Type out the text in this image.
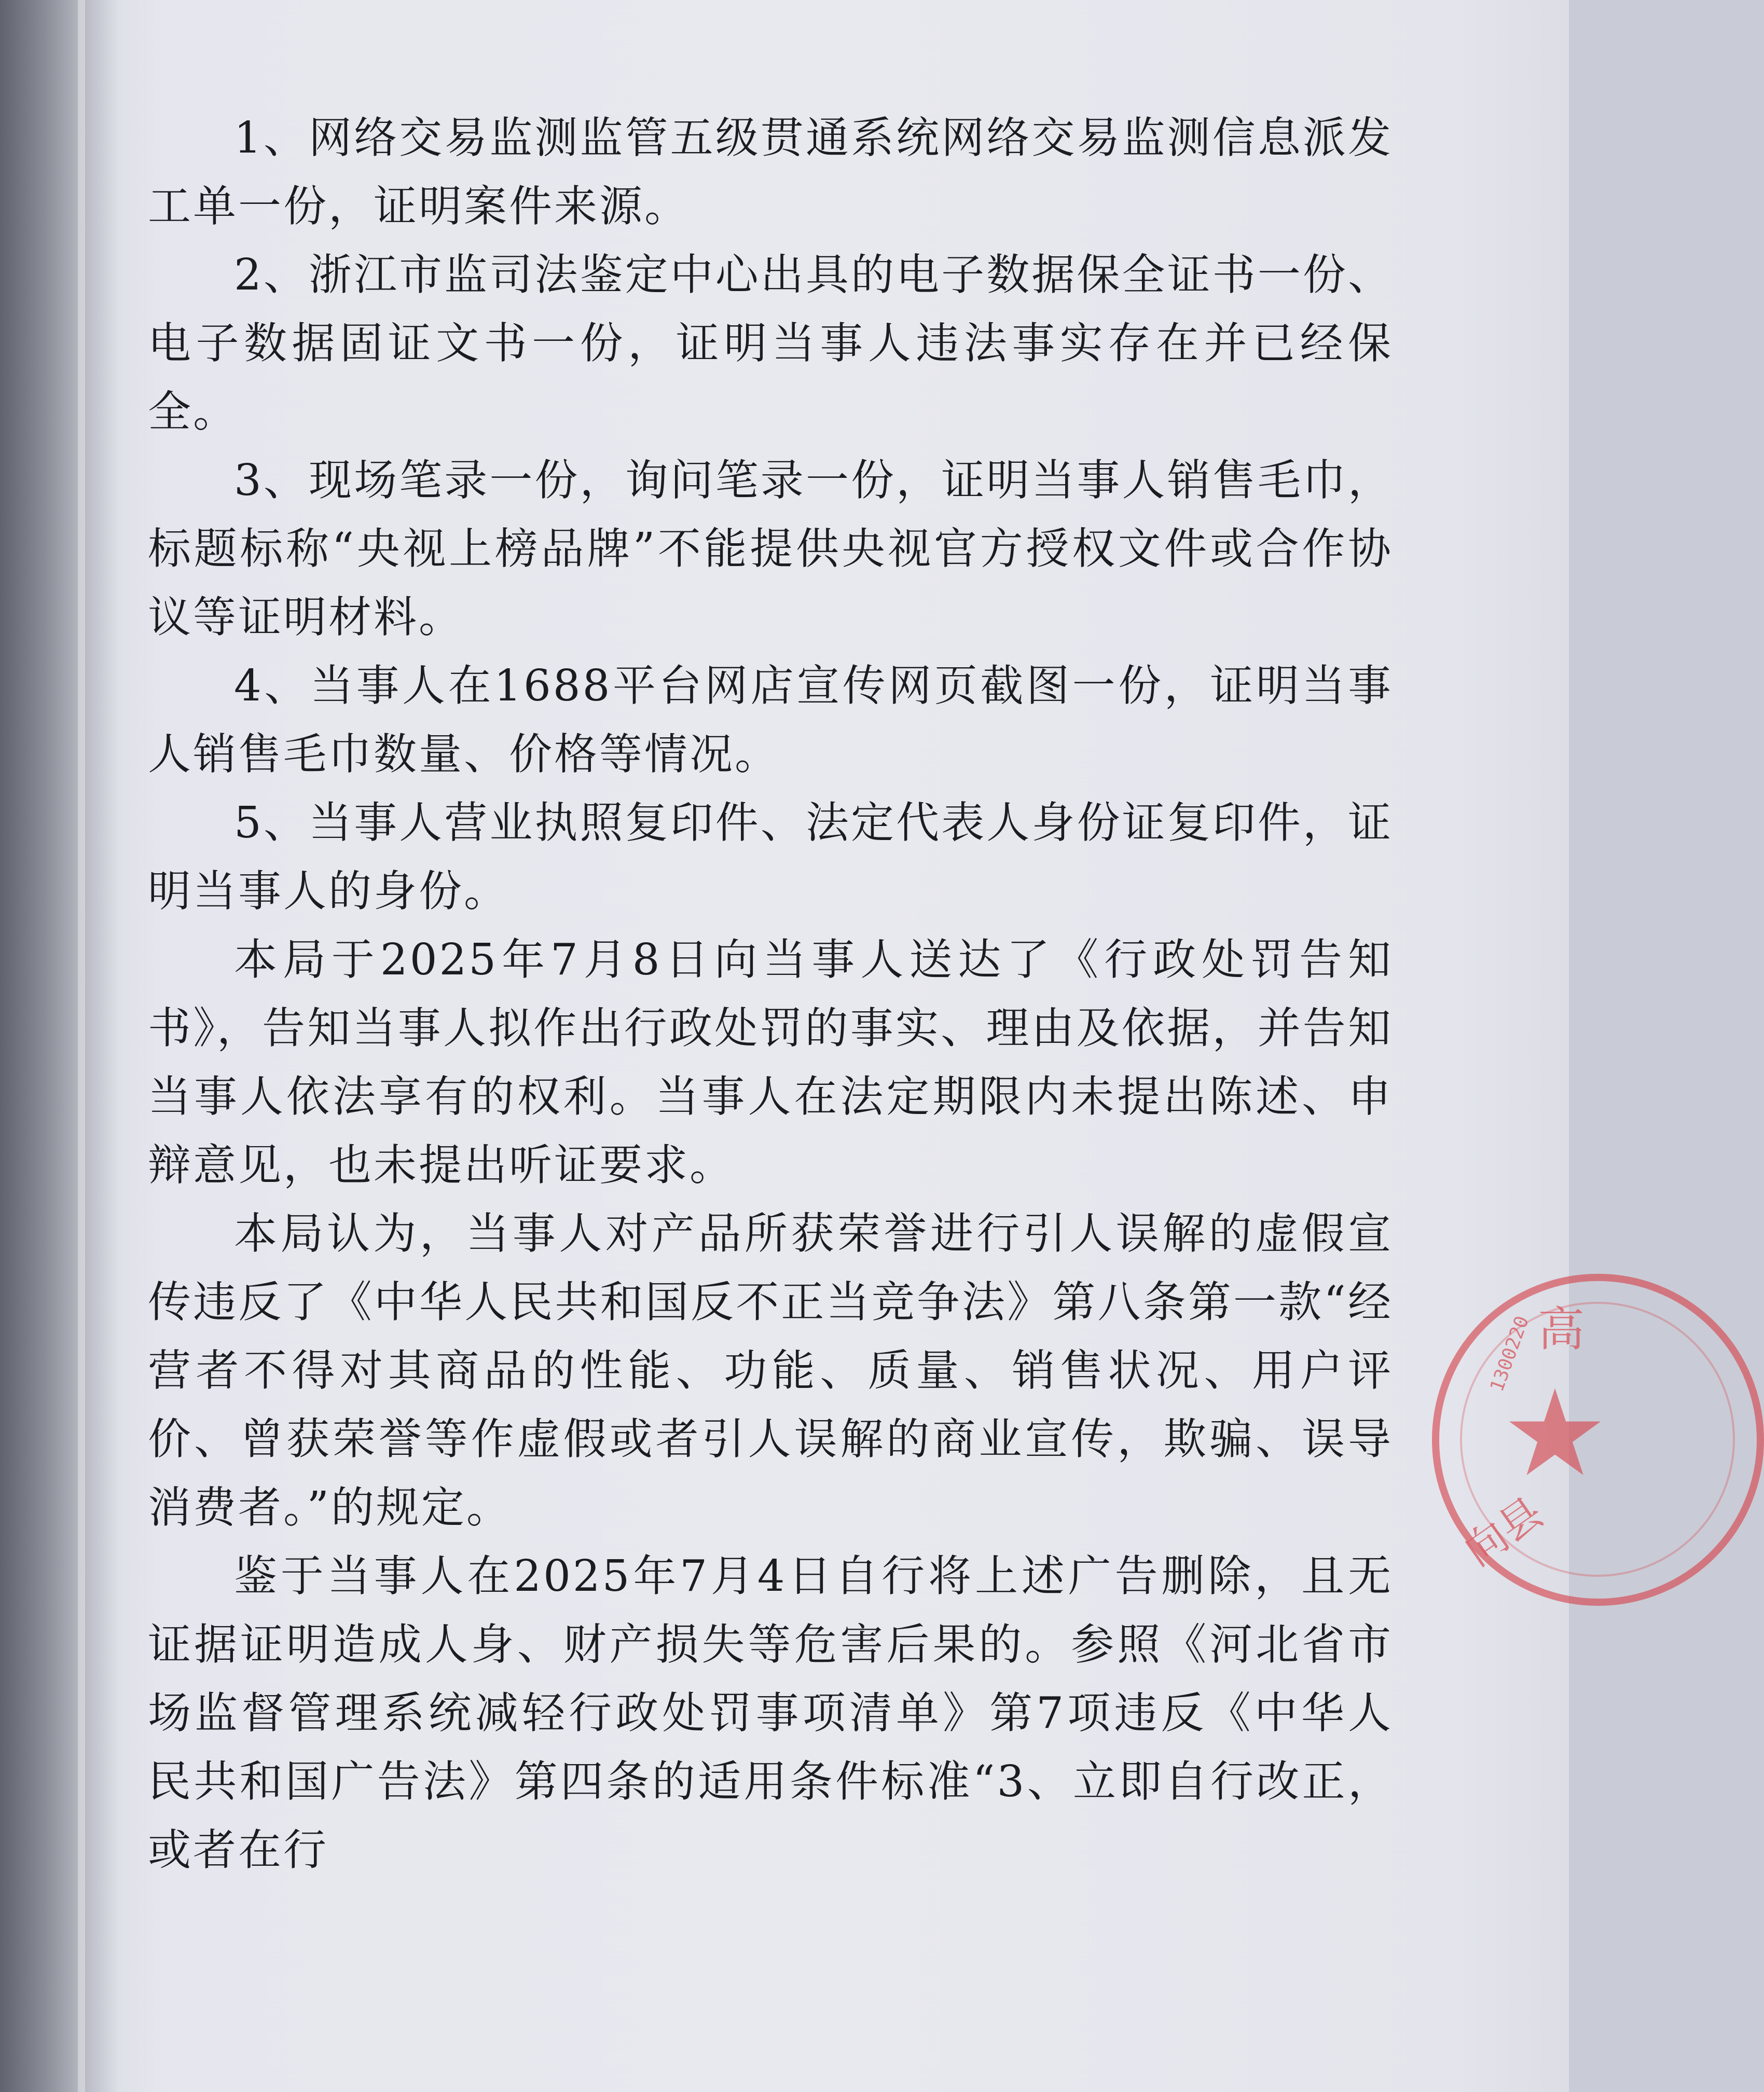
1、网络交易监测监管五级贯通系统网络交易监测信息派发工单一份，证明案件来源。

2、浙江市监司法鉴定中心出具的电子数据保全证书一份、电子数据固证文书一份，证明当事人违法事实存在并已经保全。

3、现场笔录一份，询问笔录一份，证明当事人销售毛巾，标题标称“央视上榜品牌”不能提供央视官方授权文件或合作协议等证明材料。

4、当事人在1688平台网店宣传网页截图一份，证明当事人销售毛巾数量、价格等情况。

5、当事人营业执照复印件、法定代表人身份证复印件，证明当事人的身份。

本局于2025年7月8日向当事人送达了《行政处罚告知书》，告知当事人拟作出行政处罚的事实、理由及依据，并告知当事人依法享有的权利。当事人在法定期限内未提出陈述、申辩意见，也未提出听证要求。

本局认为，当事人对产品所获荣誉进行引人误解的虚假宣传违反了《中华人民共和国反不正当竞争法》第八条第一款“经营者不得对其商品的性能、功能、质量、销售状况、用户评价、曾获荣誉等作虚假或者引人误解的商业宣传，欺骗、误导消费者。”的规定。

鉴于当事人在2025年7月4日自行将上述广告删除，且无证据证明造成人身、财产损失等危害后果的。参照《河北省市场监督管理系统减轻行政处罚事项清单》第7项违反《中华人民共和国广告法》第四条的适用条件标准“3、立即自行改正，或者在行

高
1300220
★
向县
